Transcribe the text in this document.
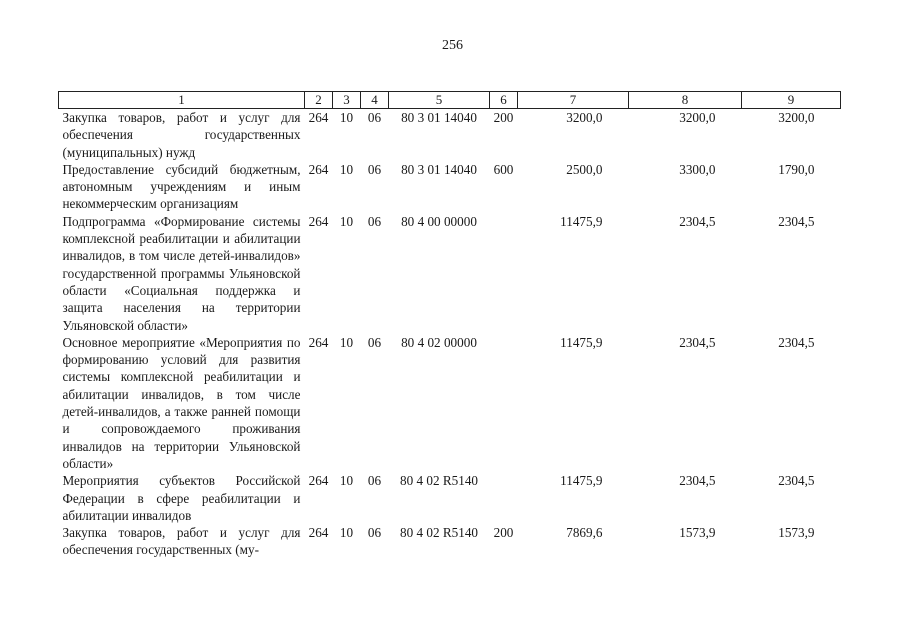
256
1	2	3	4	5	6	7	8	9
Закупка товаров, работ и услуг для обеспечения государственных (муниципальных) нужд	264	10	06	80 3 01 14040	200	3200,0	3200,0	3200,0
Предоставление субсидий бюджетным, автономным учреждениям и иным некоммерческим организациям	264	10	06	80 3 01 14040	600	2500,0	3300,0	1790,0
Подпрограмма «Формирование системы комплексной реабилитации и абилитации инвалидов, в том числе детей-инвалидов» государственной программы Ульяновской области «Социальная поддержка и защита населения на территории Ульяновской области»	264	10	06	80 4 00 00000		11475,9	2304,5	2304,5
Основное мероприятие «Мероприятия по формированию условий для развития системы комплексной реабилитации и абилитации инвалидов, в том числе детей-инвалидов, а также ранней помощи и сопровождаемого проживания инвалидов на территории Ульяновской области»	264	10	06	80 4 02 00000		11475,9	2304,5	2304,5
Мероприятия субъектов Российской Федерации в сфере реабилитации и абилитации инвалидов	264	10	06	80 4 02 R5140		11475,9	2304,5	2304,5
Закупка товаров, работ и услуг для обеспечения государственных (му-	264	10	06	80 4 02 R5140	200	7869,6	1573,9	1573,9
